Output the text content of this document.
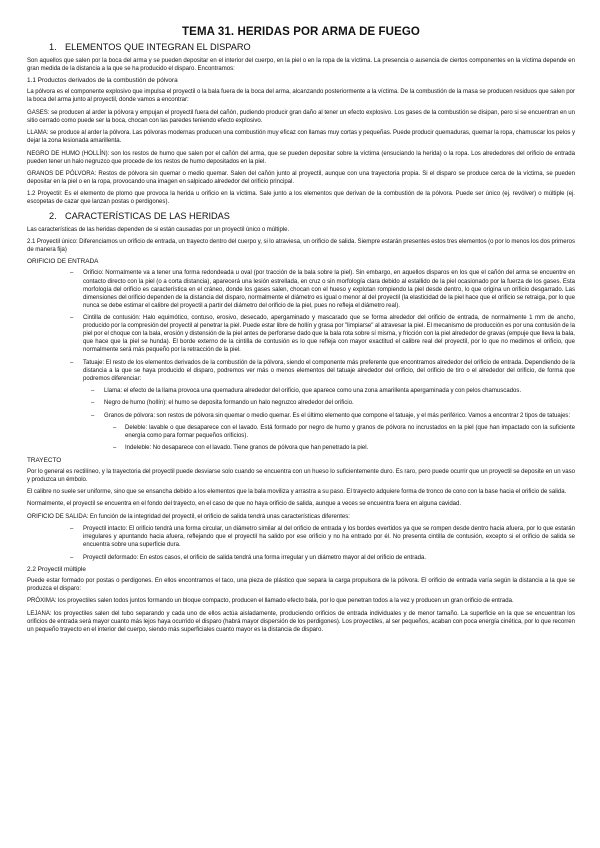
TEMA 31. HERIDAS POR ARMA DE FUEGO
1. ELEMENTOS QUE INTEGRAN EL DISPARO

Son aquellos que salen por la boca del arma y se pueden depositar en el interior del cuerpo, en la piel o en la ropa de la víctima. La presencia o ausencia de ciertos componentes en la víctima depende en gran medida de la distancia a la que se ha producido el disparo. Encontramos:

1.1 Productos derivados de la combustión de pólvora

La pólvora es el componente explosivo que impulsa el proyectil o la bala fuera de la boca del arma, alcanzando posteriormente a la víctima. De la combustión de la masa se producen residuos que salen por la boca del arma junto al proyectil, donde vamos a encontrar:

GASES: se producen al arder la pólvora y empujan el proyectil fuera del cañón, pudiendo producir gran daño al tener un efecto explosivo. Los gases de la combustión se disipan, pero si se encuentran en un sitio cerrado como puede ser la boca, chocan con las paredes teniendo efecto explosivo.

LLAMA: se produce al arder la pólvora. Las pólvoras modernas producen una combustión muy eficaz con llamas muy cortas y pequeñas. Puede producir quemaduras, quemar la ropa, chamuscar los pelos y dejar la zona lesionada amarillenta.

NEGRO DE HUMO (HOLLÍN): son los restos de humo que salen por el cañón del arma, que se pueden depositar sobre la víctima (ensuciando la herida) o la ropa. Los alrededores del orificio de entrada pueden tener un halo negruzco que procede de los restos de humo depositados en la piel.

GRANOS DE PÓLVORA: Restos de pólvora sin quemar o medio quemar. Salen del cañón junto al proyectil, aunque con una trayectoria propia. Si el disparo se produce cerca de la víctima, se pueden depositar en la piel o en la ropa, provocando una imagen en salpicado alrededor del orificio principal.

1.2 Proyectil: Es el elemento de plomo que provoca la herida u orificio en la víctima. Sale junto a los elementos que derivan de la combustión de la pólvora. Puede ser único (ej. revólver) o múltiple (ej. escopetas de cazar que lanzan postas o perdigones).

2. CARACTERÍSTICAS DE LAS HERIDAS

Las características de las heridas dependen de si están causadas por un proyectil único o múltiple.

2.1 Proyectil único: Diferenciamos un orificio de entrada, un trayecto dentro del cuerpo y, si lo atraviesa, un orificio de salida. Siempre estarán presentes estos tres elementos (o por lo menos los dos primeros de manera fija)

ORIFICIO DE ENTRADA
– Orificio: Normalmente va a tener una forma redondeada u oval (por tracción de la bala sobre la piel). Sin embargo, en aquellos disparos en los que el cañón del arma se encuentre en contacto directo con la piel (o a corta distancia), aparecerá una lesión estrellada, en cruz o sin morfología clara debido al estallido de la piel ocasionado por la fuerza de los gases. Esta morfología del orificio es característica en el cráneo, donde los gases salen, chocan con el hueso y explotan rompiendo la piel desde dentro, lo que origina un orificio desgarrado. Las dimensiones del orificio dependen de la distancia del disparo, normalmente el diámetro es igual o menor al del proyectil (la elasticidad de la piel hace que el orificio se retraiga, por lo que nunca se debe estimar el calibre del proyectil a partir del diámetro del orificio de la piel, pues no refleja el diámetro real).
– Cintilla de contusión: Halo equimótico, contuso, erosivo, desecado, apergaminado y mascarado que se forma alrededor del orificio de entrada, de normalmente 1 mm de ancho, producido por la compresión del proyectil al penetrar la piel. Puede estar libre de hollín y grasa por "limpiarse" al atravesar la piel. El mecanismo de producción es por una contusión de la piel por el choque con la bala, erosión y distensión de la piel antes de perforarse dado que la bala rota sobre sí misma, y fricción con la piel alrededor de gravas (empuje que lleva la bala, que hace que la piel se hunda). El borde externo de la cintilla de contusión es lo que refleja con mayor exactitud el calibre real del proyectil, por lo que no medimos el orificio, que normalmente será más pequeño por la retracción de la piel.
– Tatuaje: El resto de los elementos derivados de la combustión de la pólvora, siendo el componente más preferente que encontramos alrededor del orificio de entrada. Dependiendo de la distancia a la que se haya producido el disparo, podremos ver más o menos elementos del tatuaje alrededor del orificio, del orificio de tiro o el alrededor del orificio, de forma que podremos diferenciar:
– Llama: el efecto de la llama provoca una quemadura alrededor del orificio, que aparece como una zona amarillenta apergaminada y con pelos chamuscados.
– Negro de humo (hollín): el humo se deposita formando un halo negruzco alrededor del orificio.
– Granos de pólvora: son restos de pólvora sin quemar o medio quemar. Es el último elemento que compone el tatuaje, y el más periférico. Vamos a encontrar 2 tipos de tatuajes:
– Deleble: lavable o que desaparece con el lavado. Está formado por negro de humo y granos de pólvora no incrustados en la piel (que han impactado con la suficiente energía como para formar pequeños orificios).
– Indeleble: No desaparece con el lavado. Tiene granos de pólvora que han penetrado la piel.
TRAYECTO

Por lo general es rectilíneo, y la trayectoria del proyectil puede desviarse solo cuando se encuentra con un hueso lo suficientemente duro. Es raro, pero puede ocurrir que un proyectil se deposite en un vaso y produzca un émbolo.

El calibre no suele ser uniforme, sino que se ensancha debido a los elementos que la bala moviliza y arrastra a su paso. El trayecto adquiere forma de tronco de cono con la base hacia el orificio de salida.

Normalmente, el proyectil se encuentra en el fondo del trayecto, en el caso de que no haya orificio de salida, aunque a veces se encuentra fuera en alguna cavidad.

ORIFICIO DE SALIDA: En función de la integridad del proyectil, el orificio de salida tendrá unas características diferentes:

– Proyectil intacto: El orificio tendrá una forma circular, un diámetro similar al del orificio de entrada y los bordes evertidos ya que se rompen desde dentro hacia afuera, por lo que estarán irregulares y apuntando hacia afuera, reflejando que el proyectil ha salido por ese orificio y no ha entrado por él. No presenta cintilla de contusión, excepto si el orificio de salida se encuentra sobre una superficie dura.
– Proyectil deformado: En estos casos, el orificio de salida tendrá una forma irregular y un diámetro mayor al del orificio de entrada.
2.2 Proyectil múltiple

Puede estar formado por postas o perdigones. En ellos encontramos el taco, una pieza de plástico que separa la carga propulsora de la pólvora. El orificio de entrada varía según la distancia a la que se produzca el disparo:

PRÓXIMA: los proyectiles salen todos juntos formando un bloque compacto, producen el llamado efecto bala, por lo que penetran todos a la vez y producen un gran orificio de entrada.

LEJANA: los proyectiles salen del tubo separando y cada uno de ellos actúa aisladamente, produciendo orificios de entrada individuales y de menor tamaño. La superficie en la que se encuentran los orificios de entrada será mayor cuanto más lejos haya ocurrido el disparo (habrá mayor dispersión de los perdigones). Los proyectiles, al ser pequeños, acaban con poca energía cinética, por lo que recorren un pequeño trayecto en el interior del cuerpo, siendo más superficiales cuanto mayor es la distancia de disparo.
